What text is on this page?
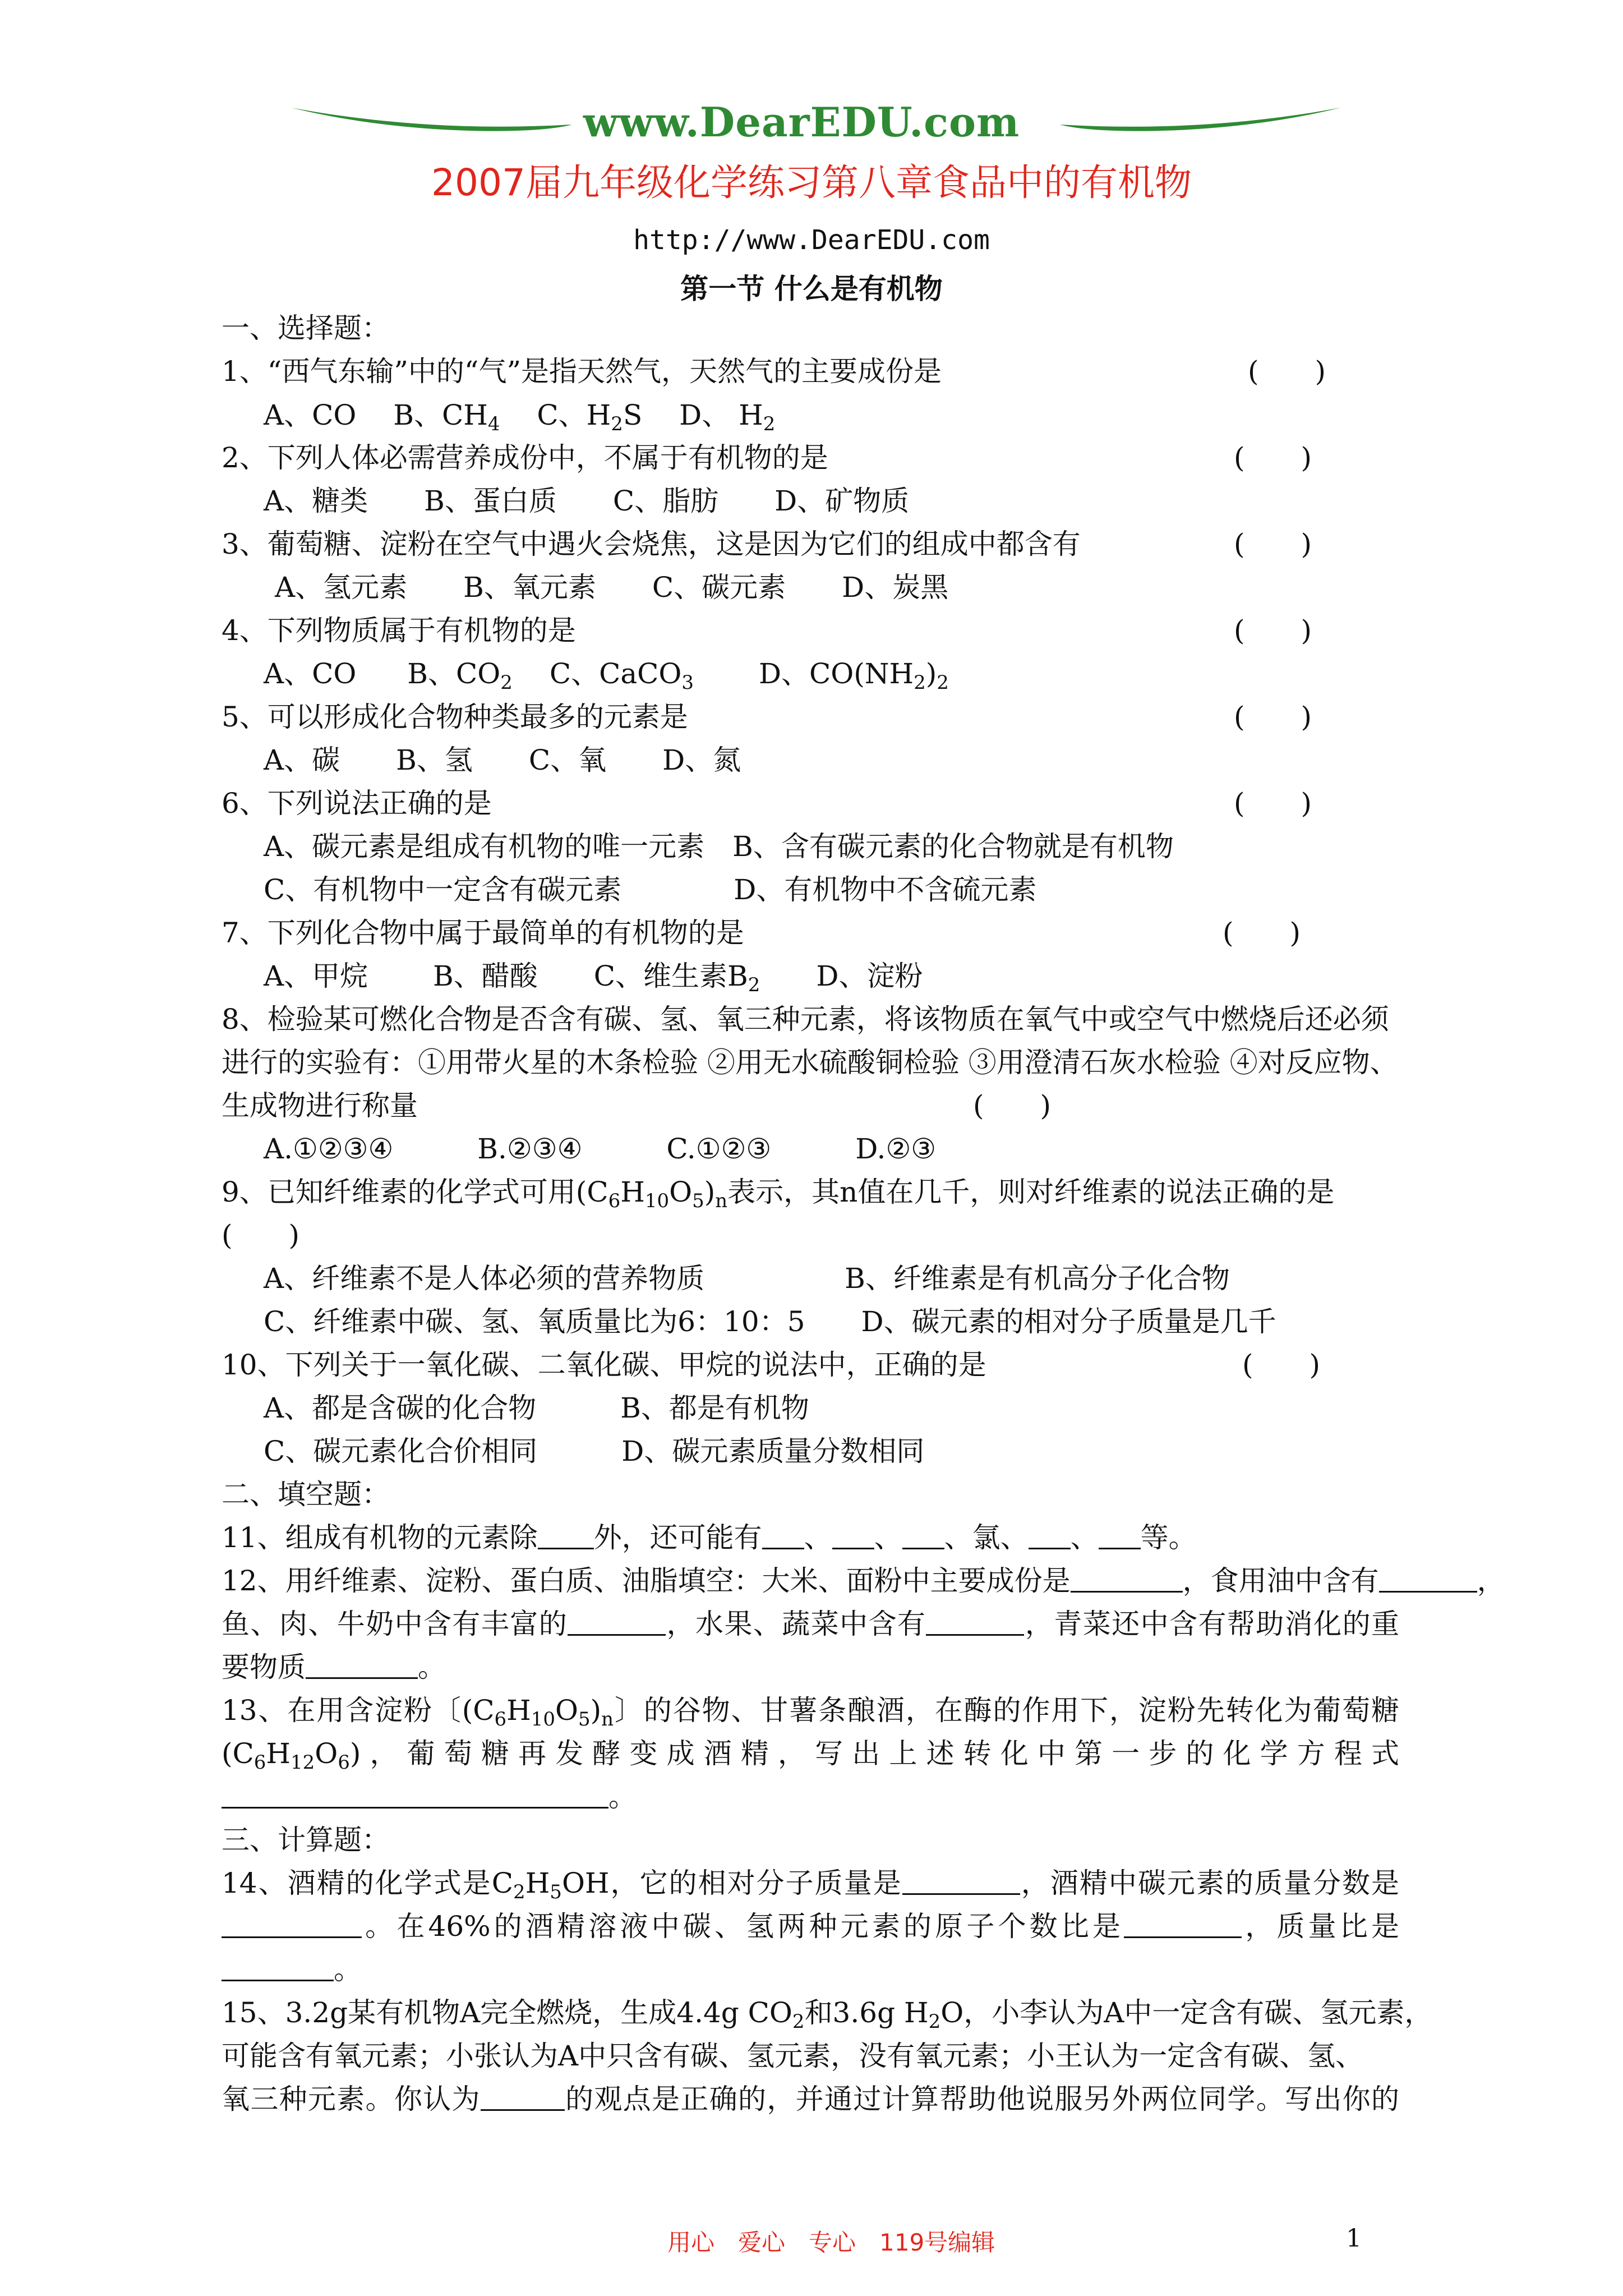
www.DearEDU.com
2007届九年级化学练习第八章食品中的有机物
http://www.DearEDU.com
第一节 什么是有机物
一、选择题：
1、“西气东输”中的“气”是指天然气，天然气的主要成份是	(　　)
A、CO  B、$CH_4$  C、$H_2S$  D、 $H_2$
2、下列人体必需营养成份中，不属于有机物的是	(　　)
A、糖类　　B、蛋白质　　C、脂肪　　D、矿物质
3、葡萄糖、淀粉在空气中遇火会烧焦，这是因为它们的组成中都含有	(　　)
A、氢元素　　B、氧元素　　C、碳元素　　D、炭黑
4、下列物质属于有机物的是	(　　)
A、CO   B、$CO_2$  C、CaCO$_3$   D、$CO(NH_2)_2$
5、可以形成化合物种类最多的元素是	(　　)
A、碳　　B、氢　　C、氧　　D、氮
6、下列说法正确的是	(　　)
A、碳元素是组成有机物的唯一元素　B、含有碳元素的化合物就是有机物
C、有机物中一定含有碳元素　　　　D、有机物中不含硫元素
7、下列化合物中属于最简单的有机物的是	(　　)
A、甲烷　　 B、醋酸　　C、维生素$B_2$　　D、淀粉
8、检验某可燃化合物是否含有碳、氢、氧三种元素，将该物质在氧气中或空气中燃烧后还必须
进行的实验有：①用带火星的木条检验 ②用无水硫酸铜检验 ③用澄清石灰水检验 ④对反应物、
生成物进行称量	(　　)
A.①②③④　　　B.②③④　　　C.①②③　　　D.②③
9、已知纤维素的化学式可用$(C_6H_{10}O_5)_n$表示，其n值在几千，则对纤维素的说法正确的是
(　　)
A、纤维素不是人体必须的营养物质　　　　　B、纤维素是有机高分子化合物
C、纤维素中碳、氢、氧质量比为6：10：5　　D、碳元素的相对分子质量是几千
10、下列关于一氧化碳、二氧化碳、甲烷的说法中，正确的是	(　　)
A、都是含碳的化合物　　　B、都是有机物
C、碳元素化合价相同　　　D、碳元素质量分数相同
二、填空题：
11、组成有机物的元素除 外，还可能有 、 、 、氯、 、 等。
12、用纤维素、淀粉、蛋白质、油脂填空：大米、面粉中主要成份是	，食用油中含有	，
鱼、肉、牛奶中含有丰富的	，水果、蔬菜中含有	，青菜还中含有帮助消化的重
要物质	。
13、在用含淀粉〔$(C_6H_{10}O_5)_n$〕的谷物、甘薯条酿酒，在酶的作用下，淀粉先转化为葡萄糖
$(C_6H_{12}O_6)$，葡萄糖再发酵变成酒精，写出上述转化中第一步的化学方程式
。
三、计算题：
14、酒精的化学式是$C_2H_5OH$，它的相对分子质量是	，酒精中碳元素的质量分数是
。在46%的酒精溶液中碳、氢两种元素的原子个数比是	，质量比是
。
15、3.2g某有机物A完全燃烧，生成4.4g $CO_2$和3.6g $H_2O$，小李认为A中一定含有碳、氢元素，
可能含有氧元素；小张认为A中只含有碳、氢元素，没有氧元素；小王认为一定含有碳、氢、
氧三种元素。你认为	的观点是正确的，并通过计算帮助他说服另外两位同学。写出你的
用心　爱心　专心　119号编辑	1
